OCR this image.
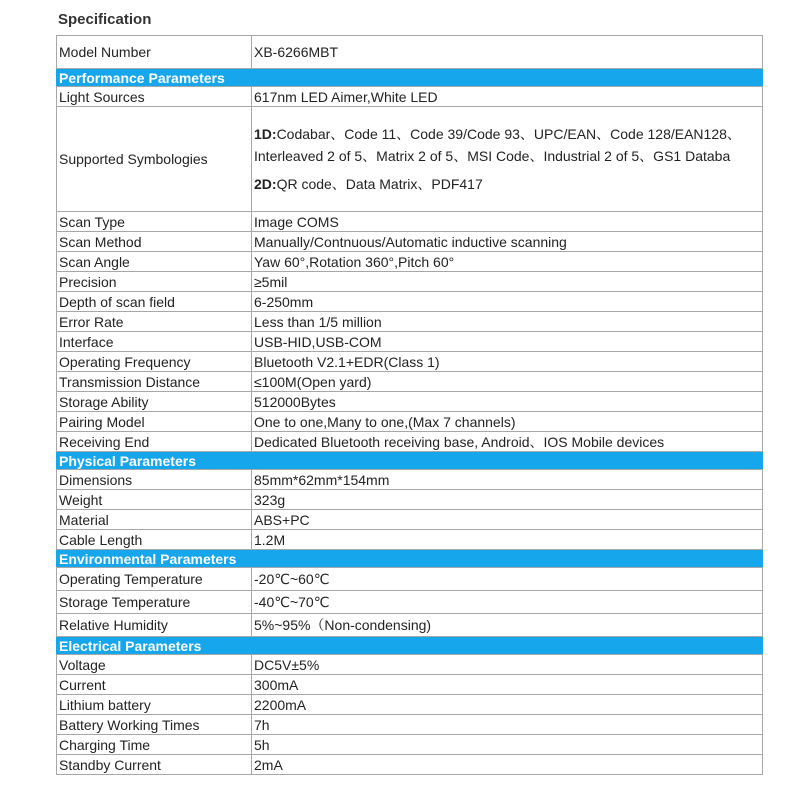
Specification
Model Number	XB-6266MBT
Performance Parameters	
Light Sources	617nm LED Aimer,White LED
Supported Symbologies	1D:Codabar、Code 11、Code 39/Code 93、UPC/EAN、Code 128/EAN128、Interleaved 2 of 5、Matrix 2 of 5、MSI Code、Industrial 2 of 5、GS1 Databa
2D:QR code、Data Matrix、PDF417
Scan Type	Image COMS
Scan Method	Manually/Contnuous/Automatic inductive scanning
Scan Angle	Yaw 60°,Rotation 360°,Pitch 60°
Precision	≥5mil
Depth of scan field	6-250mm
Error Rate	Less than 1/5 million
Interface	USB-HID,USB-COM
Operating Frequency	Bluetooth V2.1+EDR(Class 1)
Transmission Distance	≤100M(Open yard)
Storage Ability	512000Bytes
Pairing Model	One to one,Many to one,(Max 7 channels)
Receiving End	Dedicated Bluetooth receiving base, Android、IOS Mobile devices
Physical Parameters	
Dimensions	85mm*62mm*154mm
Weight	323g
Material	ABS+PC
Cable Length	1.2M
Environmental Parameters	
Operating Temperature	-20℃~60℃
Storage Temperature	-40℃~70℃
Relative Humidity	5%~95%（Non-condensing)
Electrical Parameters	
Voltage	DC5V±5%
Current	300mA
Lithium battery	2200mA
Battery Working Times	7h
Charging Time	5h
Standby Current	2mA
